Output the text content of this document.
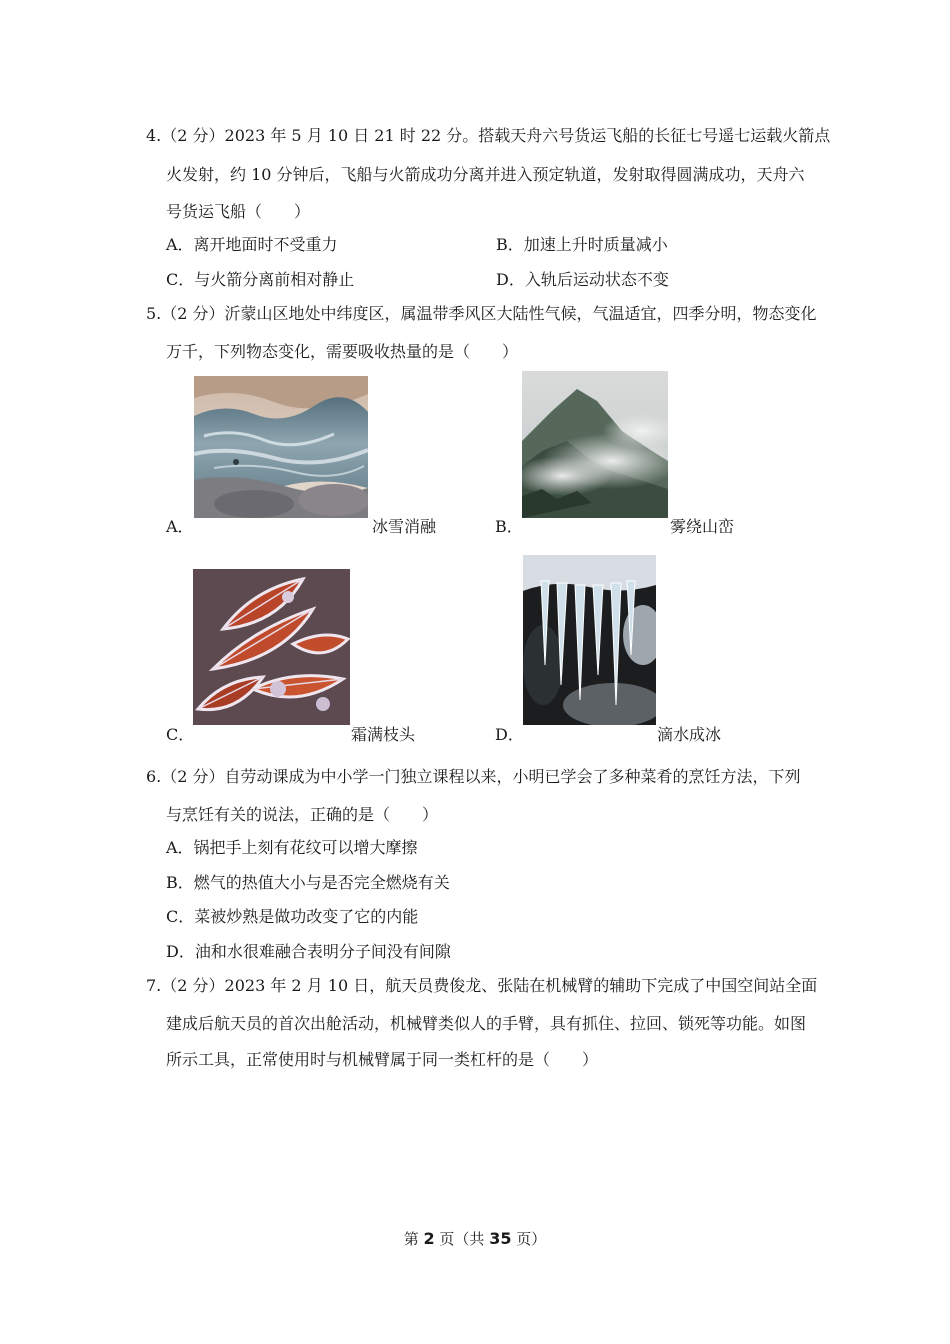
4.（2 分）2023 年 5 月 10 日 21 时 22 分。搭载天舟六号货运飞船的长征七号遥七运载火箭点
火发射，约 10 分钟后，飞船与火箭成功分离并进入预定轨道，发射取得圆满成功，天舟六
号货运飞船（　　）
A．离开地面时不受重力	B．加速上升时质量减小
C．与火箭分离前相对静止	D．入轨后运动状态不变
5.（2 分）沂蒙山区地处中纬度区，属温带季风区大陆性气候，气温适宜，四季分明，物态变化
万千，下列物态变化，需要吸收热量的是（　　）
A．	冰雪消融	B．	雾绕山峦
C．	霜满枝头	D．	滴水成冰
6.（2 分）自劳动课成为中小学一门独立课程以来，小明已学会了多种菜肴的烹饪方法，下列
与烹饪有关的说法，正确的是（　　）
A．锅把手上刻有花纹可以增大摩擦
B．燃气的热值大小与是否完全燃烧有关
C．菜被炒熟是做功改变了它的内能
D．油和水很难融合表明分子间没有间隙
7.（2 分）2023 年 2 月 10 日，航天员费俊龙、张陆在机械臂的辅助下完成了中国空间站全面
建成后航天员的首次出舱活动，机械臂类似人的手臂，具有抓住、拉回、锁死等功能。如图
所示工具，正常使用时与机械臂属于同一类杠杆的是（　　）
第 2 页（共 35 页）
